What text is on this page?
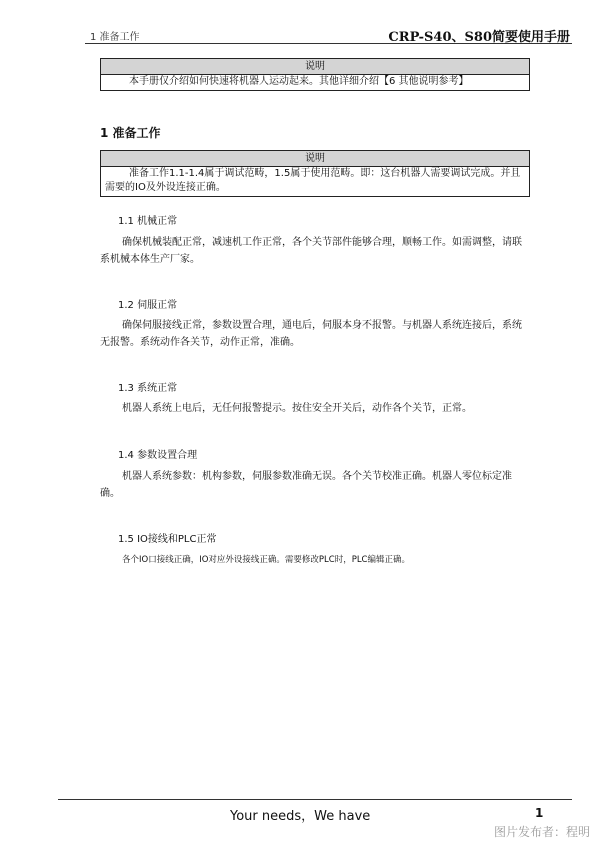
1 准备工作	CRP-S40、S80简要使用手册
说明

本手册仅介绍如何快速将机器人运动起来。其他详细介绍【6 其他说明参考】

1 准备工作
说明

准备工作1.1-1.4属于调试范畴，1.5属于使用范畴。即：这台机器人需要调试完成。并且需要的IO及外设连接正确。

1.1 机械正常

确保机械装配正常，减速机工作正常，各个关节部件能够合理，顺畅工作。如需调整，请联系机械本体生产厂家。

1.2 伺服正常

确保伺服接线正常，参数设置合理，通电后，伺服本身不报警。与机器人系统连接后，系统无报警。系统动作各关节，动作正常，准确。

1.3 系统正常

机器人系统上电后，无任何报警提示。按住安全开关后，动作各个关节，正常。

1.4 参数设置合理

机器人系统参数：机构参数，伺服参数准确无误。各个关节校准正确。机器人零位标定准确。

1.5 IO接线和PLC正常

各个IO口接线正确，IO对应外设接线正确。需要修改PLC时，PLC编辑正确。

Your needs，We have	1
图片发布者：程明
